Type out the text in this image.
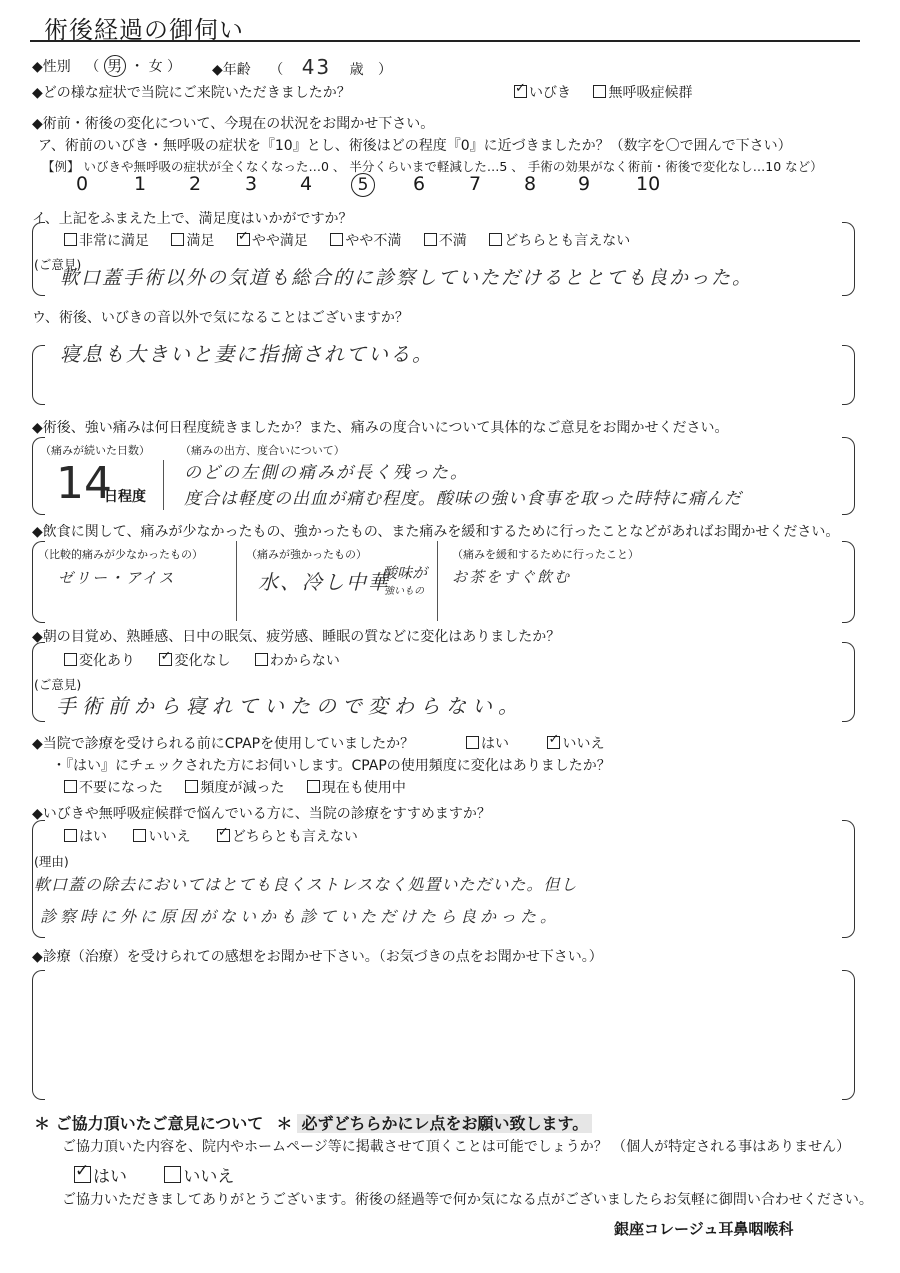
術後経過の御伺い
◆性別 （ 男 ・ 女 ） ◆年齢 （ 43 歳 ）
◆どの様な症状で当院にご来院いただきましたか？ ✓	いびき	無呼吸症候群
◆術前・術後の変化について、今現在の状況をお聞かせ下さい。
ア、術前のいびき・無呼吸の症状を『10』とし、術後はどの程度『0』に近づきましたか？（数字を〇で囲んで下さい）
【例】 いびきや無呼吸の症状が全くなくなった…0 、 半分くらいまで軽減した…5 、 手術の効果がなく術前・術後で変化なし…10 など）
0 1 2 3 4	5	6 7 8 9 10
イ、上記をふまえた上で、満足度はいかがですか？
非常に満足	満足 ✓	やや満足	やや不満	不満	どちらとも言えない
(ご意見)
軟口蓋手術以外の気道も総合的に診察していただけるととても良かった。
ウ、術後、いびきの音以外で気になることはございますか？
寝息も大きいと妻に指摘されている。
◆術後、強い痛みは何日程度続きましたか？また、痛みの度合いについて具体的なご意見をお聞かせください。
（痛みが続いた日数）
14
日程度
（痛みの出方、度合いについて）
のどの左側の痛みが長く残った。
度合は軽度の出血が痛む程度。酸味の強い食事を取った時特に痛んだ
◆飲食に関して、痛みが少なかったもの、強かったもの、また痛みを緩和するために行ったことなどがあればお聞かせください。
（比較的痛みが少なかったもの）
ゼリー・アイス
（痛みが強かったもの）
水、冷し中華
酸味が
強いもの
（痛みを緩和するために行ったこと）
お茶をすぐ飲む
◆朝の目覚め、熟睡感、日中の眠気、疲労感、睡眠の質などに変化はありましたか？
変化あり ✓	変化なし	わからない
(ご意見)
手術前から寝れていたので変わらない。
◆当院で診療を受けられる前にCPAPを使用していましたか？	はい ✓	いいえ
・『はい』にチェックされた方にお伺いします。CPAPの使用頻度に変化はありましたか？
不要になった	頻度が減った	現在も使用中
◆いびきや無呼吸症候群で悩んでいる方に、当院の診療をすすめますか？
はい	いいえ ✓	どちらとも言えない
(理由)
軟口蓋の除去においてはとても良くストレスなく処置いただいた。但し
診察時に外に原因がないかも診ていただけたら良かった。
◆診療（治療）を受けられての感想をお聞かせ下さい。（お気づきの点をお聞かせ下さい。）
＊ ご協力頂いたご意見について ＊ 必ずどちらかにレ点をお願い致します。
ご協力頂いた内容を、院内やホームページ等に掲載させて頂くことは可能でしょうか？ （個人が特定される事はありません）
✓はい	いいえ
ご協力いただきましてありがとうございます。術後の経過等で何か気になる点がございましたらお気軽に御問い合わせください。
銀座コレージュ耳鼻咽喉科
